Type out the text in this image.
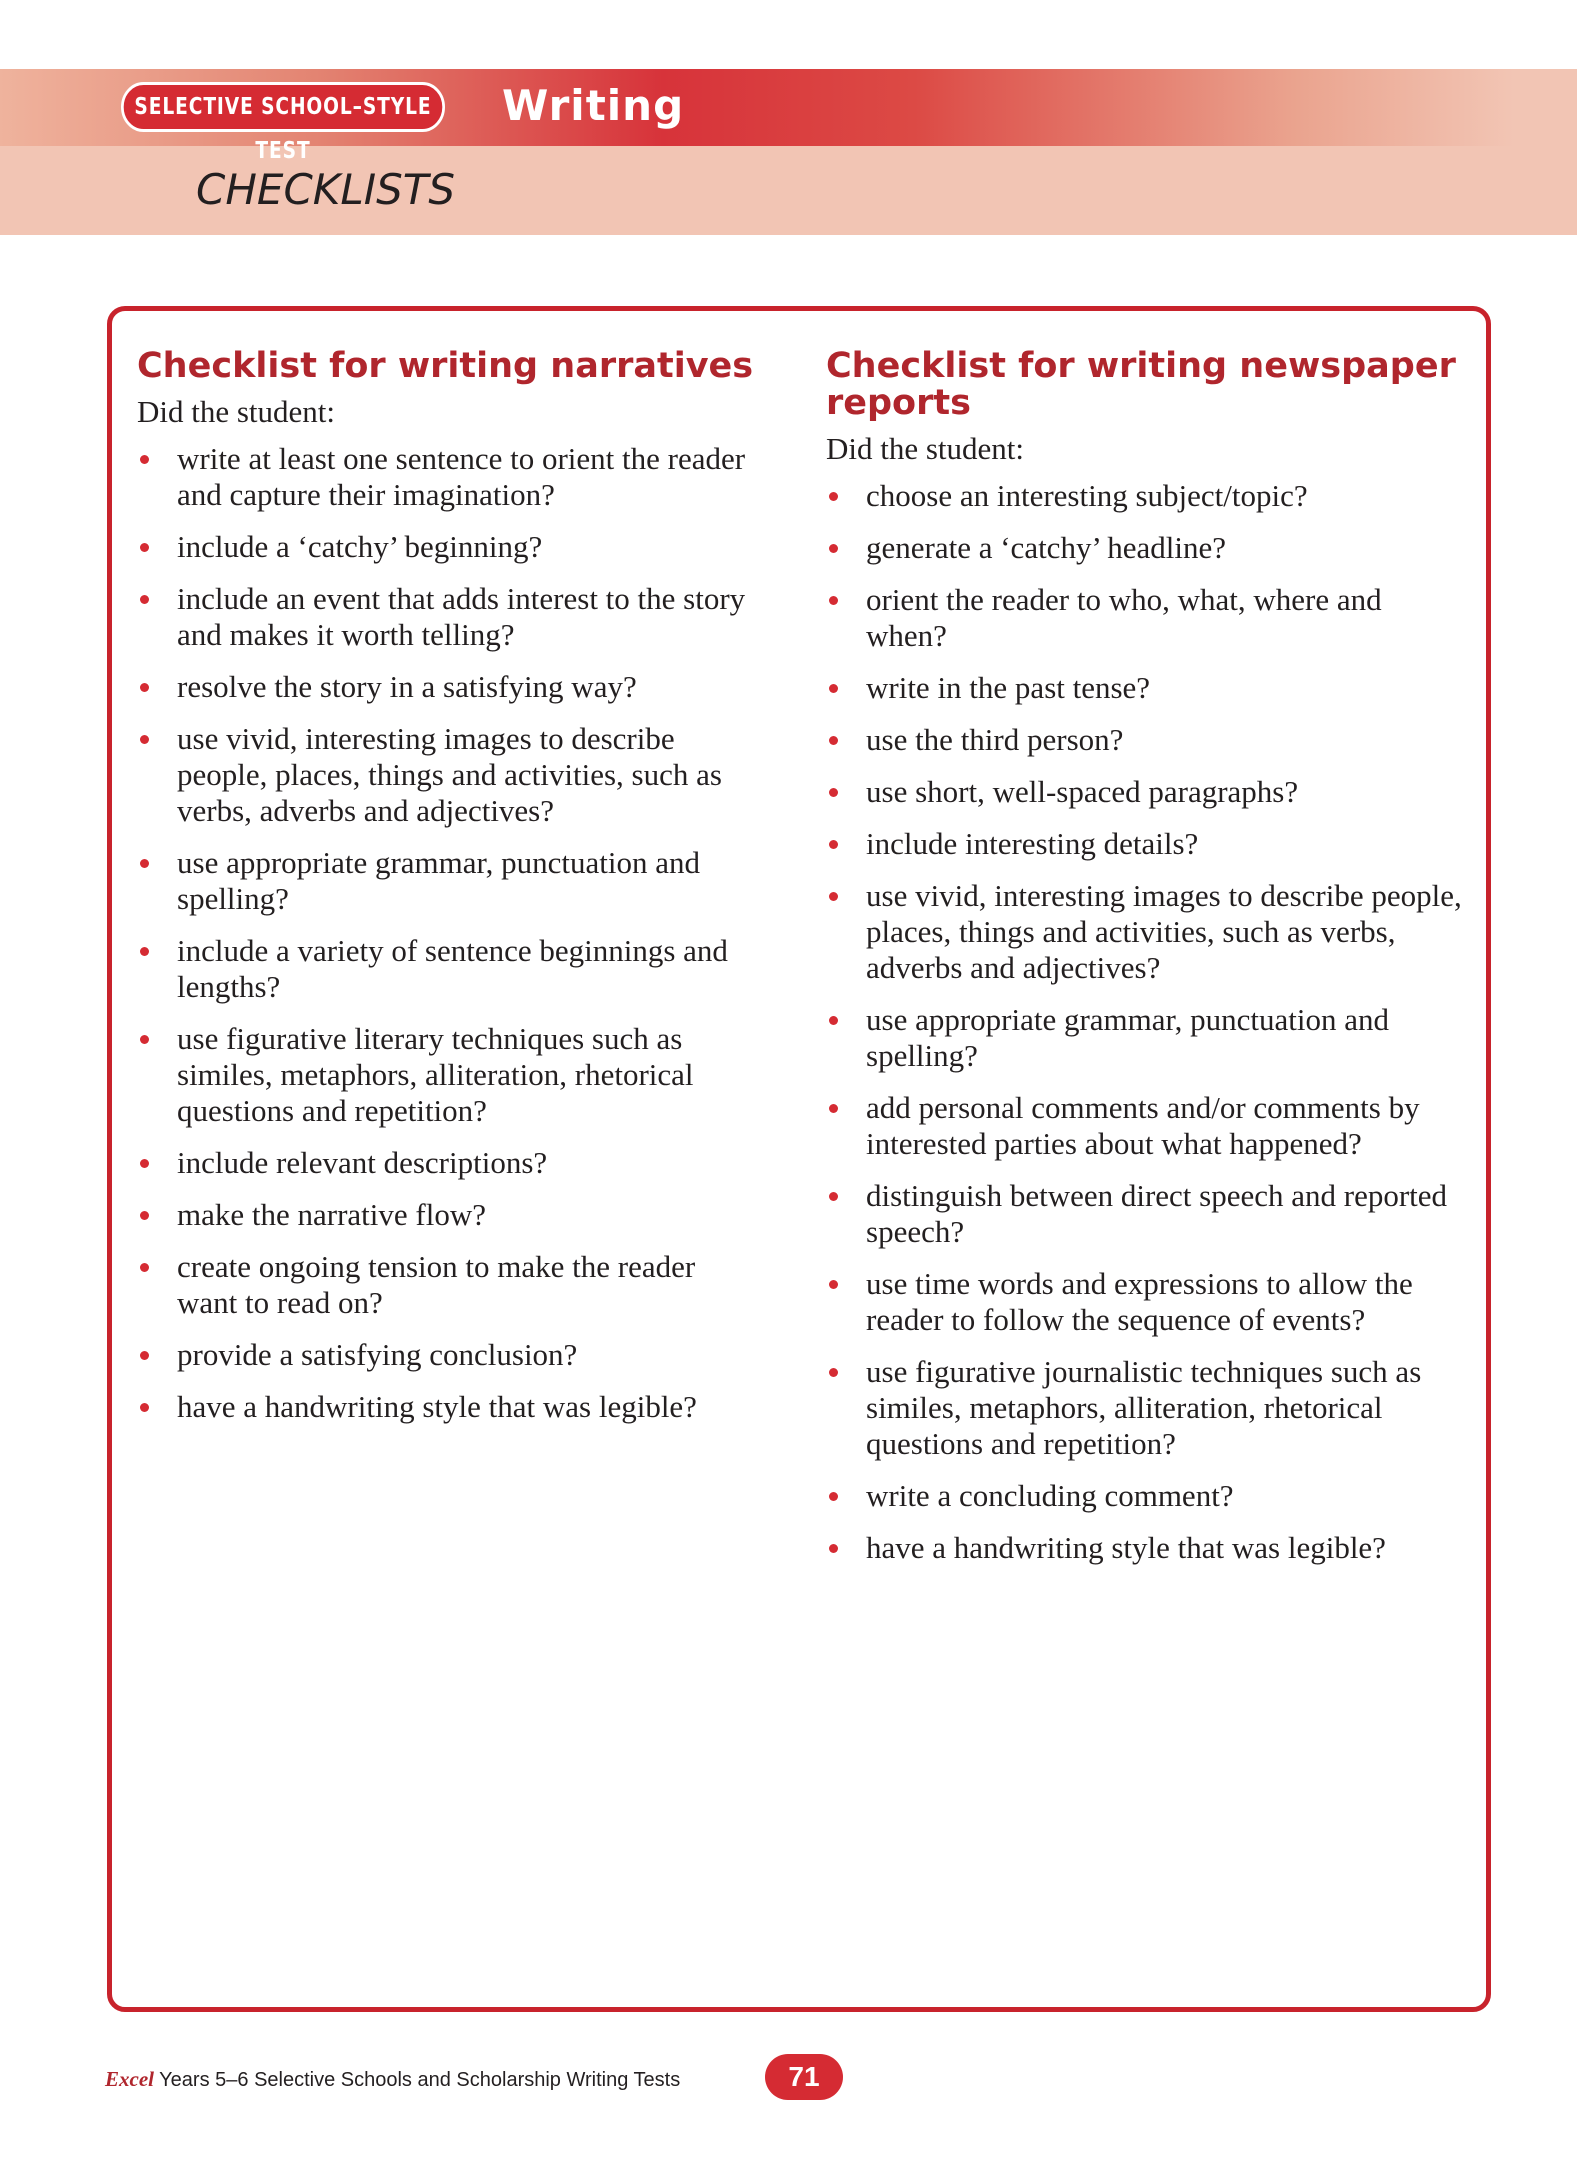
SELECTIVE SCHOOL–STYLE TEST
Writing
CHECKLISTS
Checklist for writing narratives
Did the student:
write at least one sentence to orient the reader and capture their imagination?
include a ‘catchy’ beginning?
include an event that adds interest to the story and makes it worth telling?
resolve the story in a satisfying way?
use vivid, interesting images to describe people, places, things and activities, such as verbs, adverbs and adjectives?
use appropriate grammar, punctuation and spelling?
include a variety of sentence beginnings and lengths?
use figurative literary techniques such as similes, metaphors, alliteration, rhetorical questions and repetition?
include relevant descriptions?
make the narrative flow?
create ongoing tension to make the reader want to read on?
provide a satisfying conclusion?
have a handwriting style that was legible?
Checklist for writing newspaper reports
Did the student:
choose an interesting subject/topic?
generate a ‘catchy’ headline?
orient the reader to who, what, where and when?
write in the past tense?
use the third person?
use short, well-spaced paragraphs?
include interesting details?
use vivid, interesting images to describe people, places, things and activities, such as verbs, adverbs and adjectives?
use appropriate grammar, punctuation and spelling?
add personal comments and/or comments by interested parties about what happened?
distinguish between direct speech and reported speech?
use time words and expressions to allow the reader to follow the sequence of events?
use figurative journalistic techniques such as similes, metaphors, alliteration, rhetorical questions and repetition?
write a concluding comment?
have a handwriting style that was legible?
Excel Years 5–6 Selective Schools and Scholarship Writing Tests	71
